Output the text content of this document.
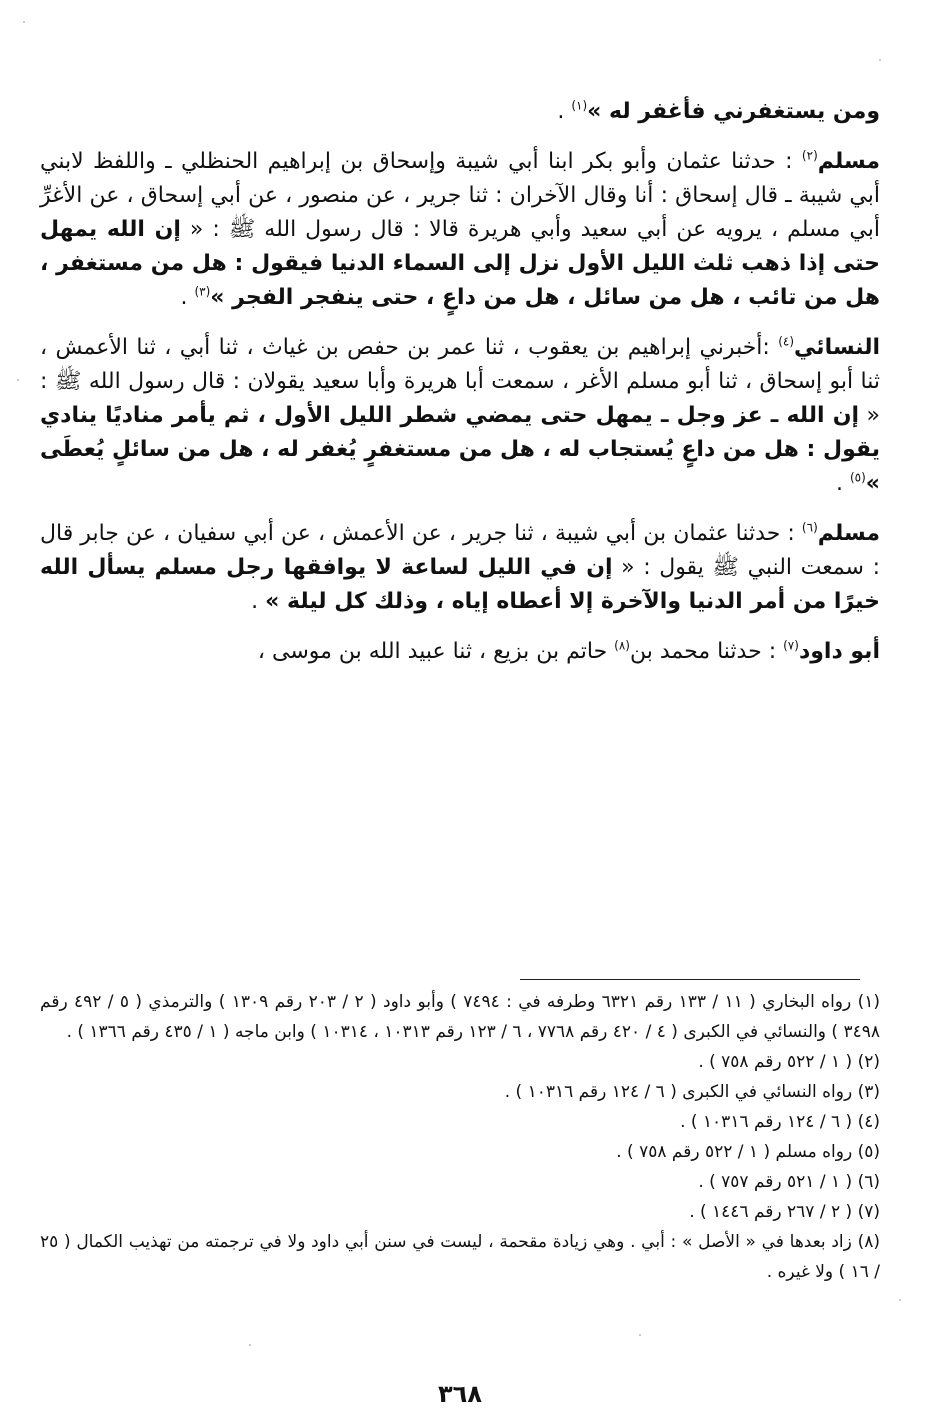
ومن يستغفرني فأغفر له »$^{(١)}$ .

مسلم$^{(٢)}$ : حدثنا عثمان وأبو بكر ابنا أبي شيبة وإسحاق بن إبراهيم الحنظلي ـ واللفظ لابني أبي شيبة ـ قال إسحاق : أنا وقال الآخران : ثنا جرير ، عن منصور ، عن أبي إسحاق ، عن الأغرِّ أبي مسلم ، يرويه عن أبي سعيد وأبي هريرة قالا : قال رسول الله ﷺ : « إن الله يمهل حتى إذا ذهب ثلث الليل الأول نزل إلى السماء الدنيا فيقول : هل من مستغفر ، هل من تائب ، هل من سائل ، هل من داعٍ ، حتى ينفجر الفجر »$^{(٣)}$ .

النسائي$^{(٤)}$ :أخبرني إبراهيم بن يعقوب ، ثنا عمر بن حفص بن غياث ، ثنا أبي ، ثنا الأعمش ، ثنا أبو إسحاق ، ثنا أبو مسلم الأغر ، سمعت أبا هريرة وأبا سعيد يقولان : قال رسول الله ﷺ : « إن الله ـ عز وجل ـ يمهل حتى يمضي شطر الليل الأول ، ثم يأمر مناديًا ينادي يقول : هل من داعٍ يُستجاب له ، هل من مستغفرٍ يُغفر له ، هل من سائلٍ يُعطَى »$^{(٥)}$ .

مسلم$^{(٦)}$ : حدثنا عثمان بن أبي شيبة ، ثنا جرير ، عن الأعمش ، عن أبي سفيان ، عن جابر قال : سمعت النبي ﷺ يقول : « إن في الليل لساعة لا يوافقها رجل مسلم يسأل الله خيرًا من أمر الدنيا والآخرة إلا أعطاه إياه ، وذلك كل ليلة » .

أبو داود$^{(٧)}$ : حدثنا محمد بن$^{(٨)}$ حاتم بن بزيع ، ثنا عبيد الله بن موسى ،

(١) رواه البخاري ( ١١ / ١٣٣ رقم ٦٣٢١ وطرفه في : ٧٤٩٤ ) وأبو داود ( ٢ / ٢٠٣ رقم ١٣٠٩ ) والترمذي ( ٥ / ٤٩٢ رقم ٣٤٩٨ ) والنسائي في الكبرى ( ٤ / ٤٢٠ رقم ٧٧٦٨ ، ٦ / ١٢٣ رقم ١٠٣١٣ ، ١٠٣١٤ ) وابن ماجه ( ١ / ٤٣٥ رقم ١٣٦٦ ) .

(٢) ( ١ / ٥٢٢ رقم ٧٥٨ ) .

(٣) رواه النسائي في الكبرى ( ٦ / ١٢٤ رقم ١٠٣١٦ ) .

(٤) ( ٦ / ١٢٤ رقم ١٠٣١٦ ) .

(٥) رواه مسلم ( ١ / ٥٢٢ رقم ٧٥٨ ) .

(٦) ( ١ / ٥٢١ رقم ٧٥٧ ) .

(٧) ( ٢ / ٢٦٧ رقم ١٤٤٦ ) .

(٨) زاد بعدها في « الأصل » : أبي . وهي زيادة مقحمة ، ليست في سنن أبي داود ولا في ترجمته من تهذيب الكمال ( ٢٥ / ١٦ ) ولا غيره .

٣٦٨
